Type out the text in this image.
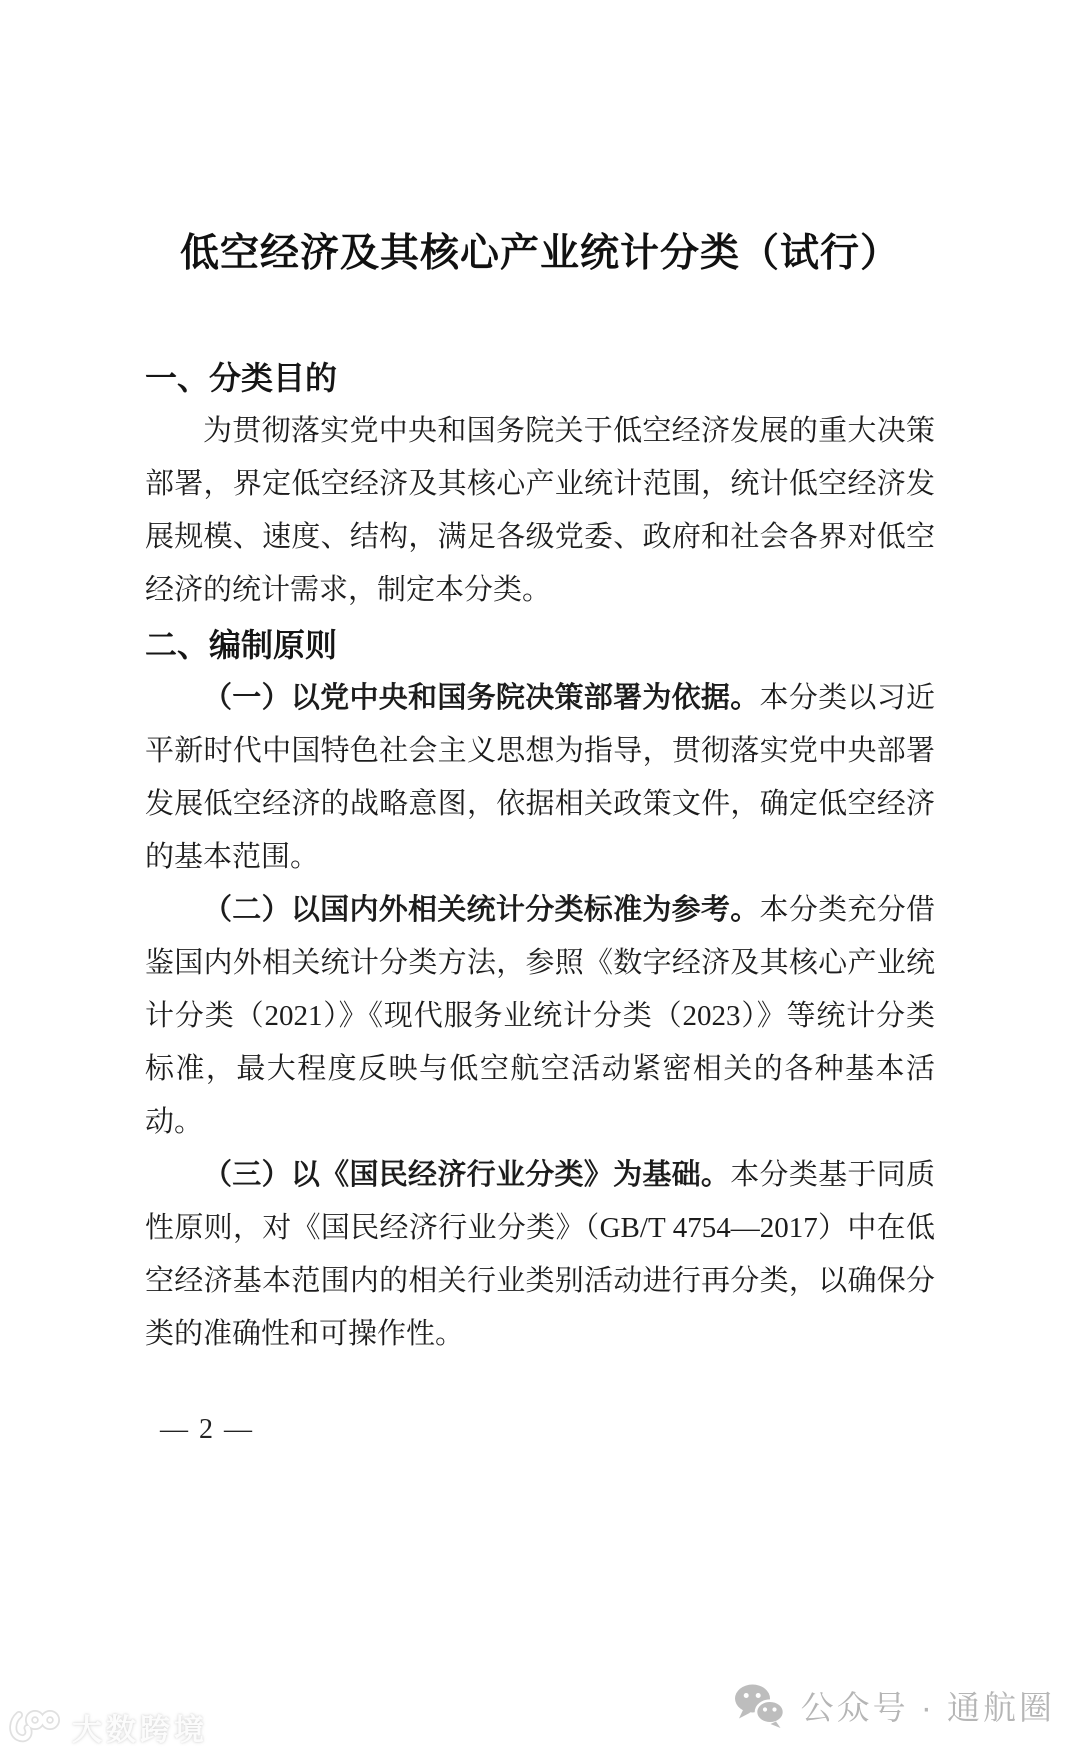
低空经济及其核心产业统计分类（试行）
一、分类目的

为贯彻落实党中央和国务院关于低空经济发展的重大决策部署，界定低空经济及其核心产业统计范围，统计低空经济发展规模、速度、结构，满足各级党委、政府和社会各界对低空经济的统计需求，制定本分类。

二、编制原则

（一）以党中央和国务院决策部署为依据。本分类以习近平新时代中国特色社会主义思想为指导，贯彻落实党中央部署发展低空经济的战略意图，依据相关政策文件，确定低空经济的基本范围。

（二）以国内外相关统计分类标准为参考。本分类充分借鉴国内外相关统计分类方法，参照《数字经济及其核心产业统计分类（2021）》《现代服务业统计分类（2023）》等统计分类标准，最大程度反映与低空航空活动紧密相关的各种基本活动。

（三）以《国民经济行业分类》为基础。本分类基于同质性原则，对《国民经济行业分类》（GB/T 4754—2017）中在低空经济基本范围内的相关行业类别活动进行再分类，以确保分类的准确性和可操作性。

— 2 —
大数跨境
公众号 · 通航圈
